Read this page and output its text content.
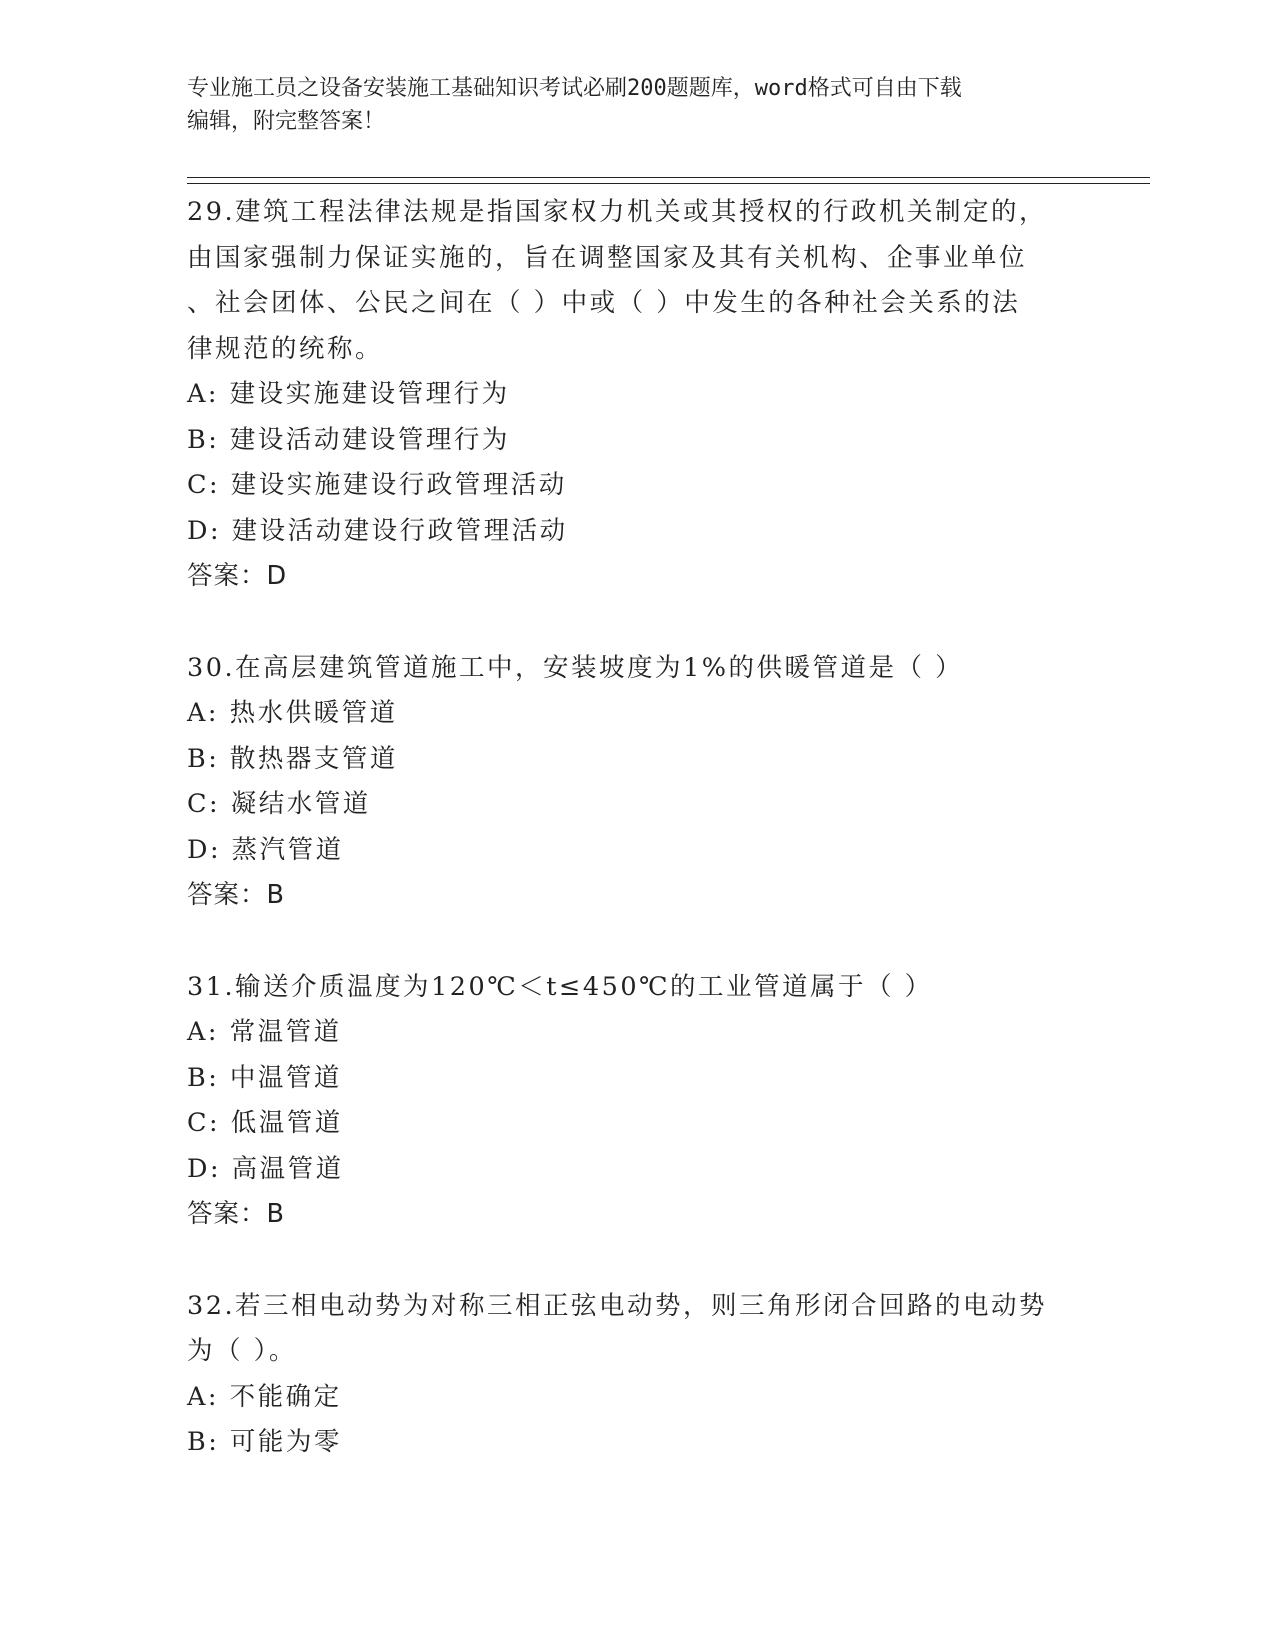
专业施工员之设备安装施工基础知识考试必刷200题题库，word格式可自由下载
编辑，附完整答案！
29.建筑工程法律法规是指国家权力机关或其授权的行政机关制定的，
由国家强制力保证实施的，旨在调整国家及其有关机构、企事业单位
、社会团体、公民之间在（ ）中或（ ）中发生的各种社会关系的法
律规范的统称。
A: 建设实施建设管理行为
B: 建设活动建设管理行为
C: 建设实施建设行政管理活动
D: 建设活动建设行政管理活动
答案：D
30.在高层建筑管道施工中，安装坡度为1%的供暖管道是（ ）
A: 热水供暖管道
B: 散热器支管道
C: 凝结水管道
D: 蒸汽管道
答案：B
31.输送介质温度为120℃＜t≤450℃的工业管道属于（ ）
A: 常温管道
B: 中温管道
C: 低温管道
D: 高温管道
答案：B
32.若三相电动势为对称三相正弦电动势，则三角形闭合回路的电动势
为（ ）。
A: 不能确定
B: 可能为零
